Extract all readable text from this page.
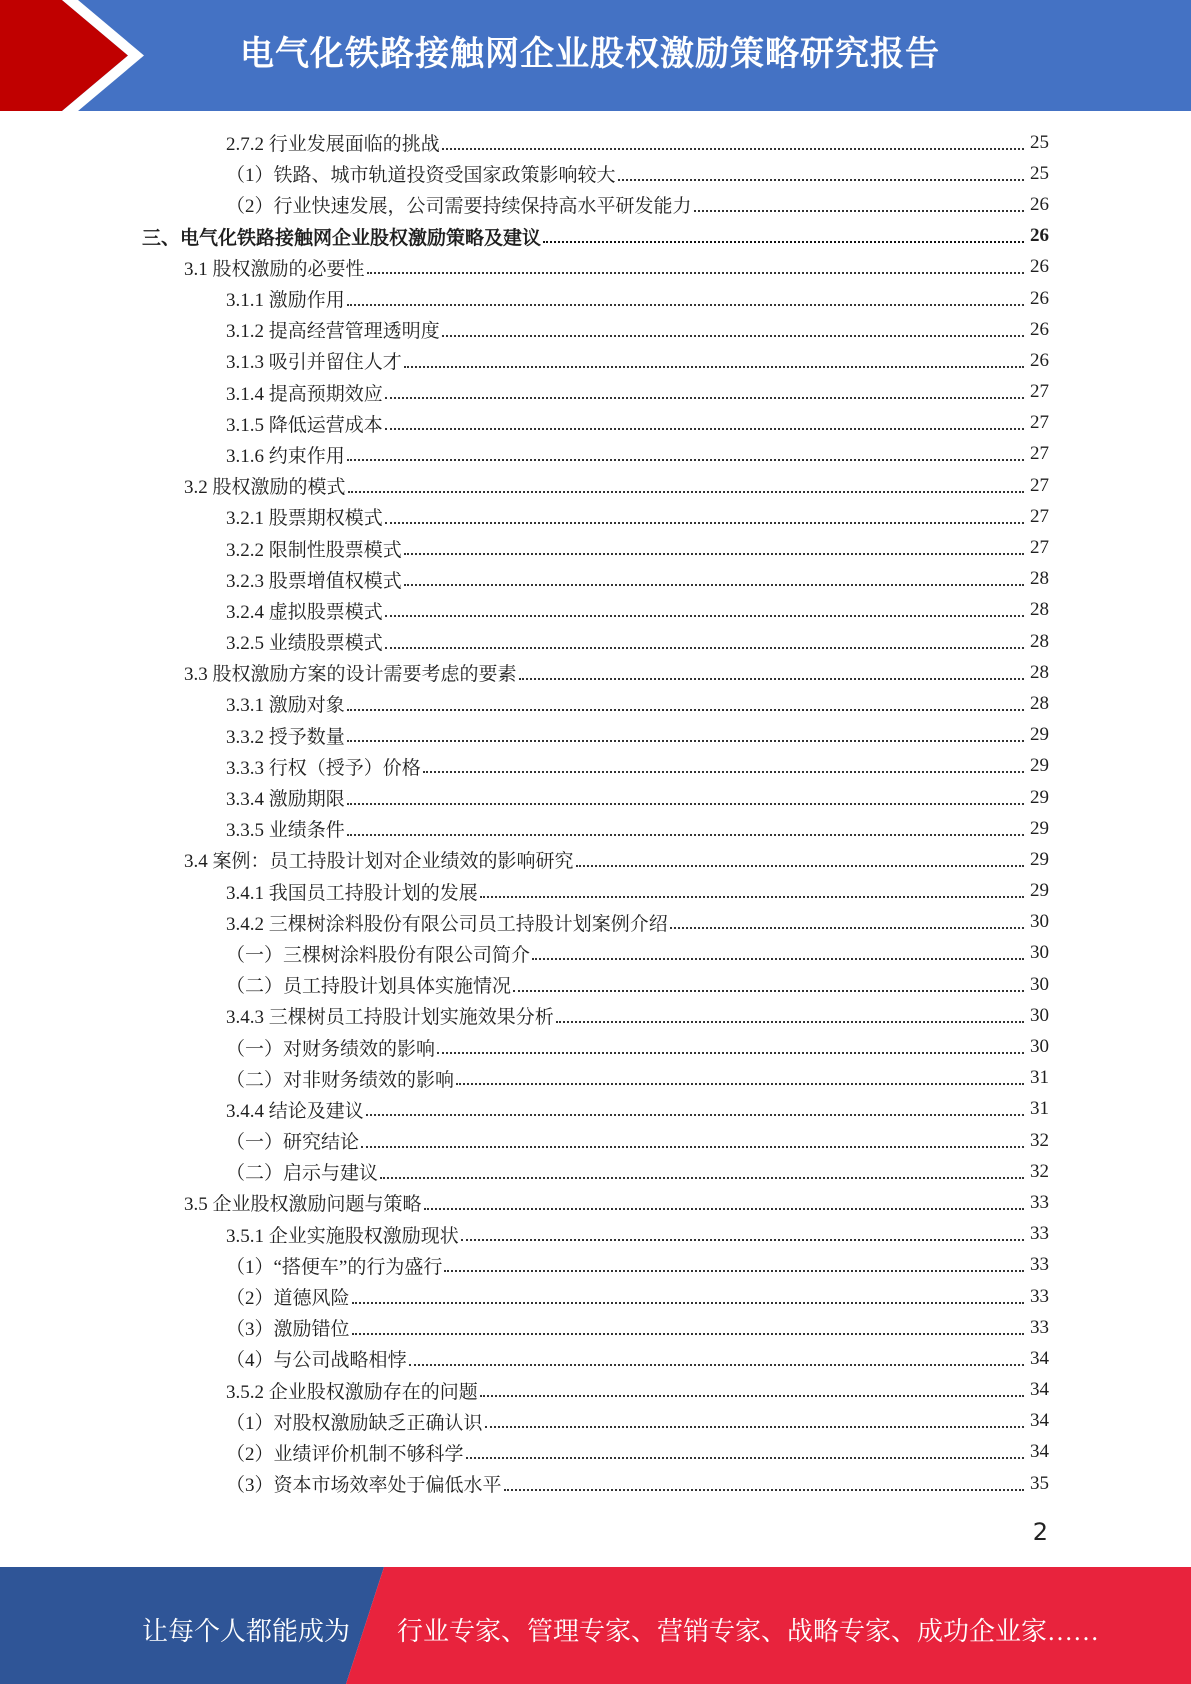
电气化铁路接触网企业股权激励策略研究报告
2.7.2 行业发展面临的挑战	25
（1）铁路、城市轨道投资受国家政策影响较大	25
（2）行业快速发展，公司需要持续保持高水平研发能力	26
三、电气化铁路接触网企业股权激励策略及建议	26
3.1 股权激励的必要性	26
3.1.1 激励作用	26
3.1.2 提高经营管理透明度	26
3.1.3 吸引并留住人才	26
3.1.4 提高预期效应	27
3.1.5 降低运营成本	27
3.1.6 约束作用	27
3.2 股权激励的模式	27
3.2.1 股票期权模式	27
3.2.2 限制性股票模式	27
3.2.3 股票增值权模式	28
3.2.4 虚拟股票模式	28
3.2.5 业绩股票模式	28
3.3 股权激励方案的设计需要考虑的要素	28
3.3.1 激励对象	28
3.3.2 授予数量	29
3.3.3 行权（授予）价格	29
3.3.4 激励期限	29
3.3.5 业绩条件	29
3.4 案例：员工持股计划对企业绩效的影响研究	29
3.4.1 我国员工持股计划的发展	29
3.4.2 三棵树涂料股份有限公司员工持股计划案例介绍	30
（一）三棵树涂料股份有限公司简介	30
（二）员工持股计划具体实施情况	30
3.4.3 三棵树员工持股计划实施效果分析	30
（一）对财务绩效的影响	30
（二）对非财务绩效的影响	31
3.4.4 结论及建议	31
（一）研究结论	32
（二）启示与建议	32
3.5 企业股权激励问题与策略	33
3.5.1 企业实施股权激励现状	33
（1）“搭便车”的行为盛行	33
（2）道德风险	33
（3）激励错位	33
（4）与公司战略相悖	34
3.5.2 企业股权激励存在的问题	34
（1）对股权激励缺乏正确认识	34
（2）业绩评价机制不够科学	34
（3）资本市场效率处于偏低水平	35
2
让每个人都能成为 行业专家、管理专家、营销专家、战略专家、成功企业家……
